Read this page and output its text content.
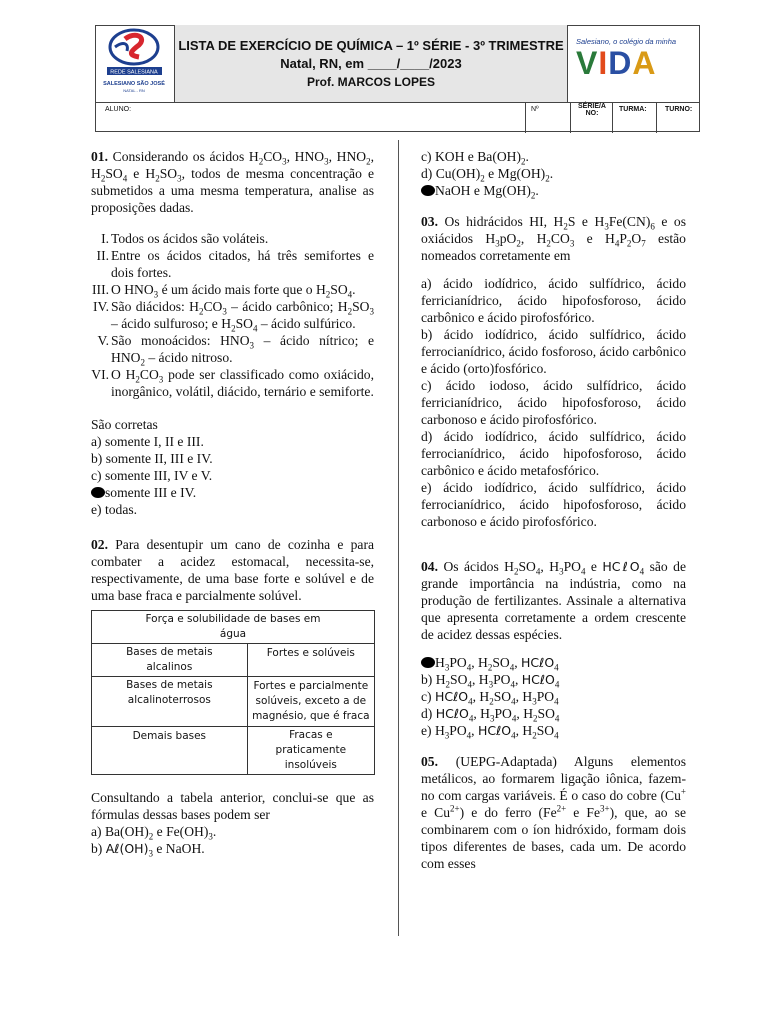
REDE SALESIANA
SALESIANO SÃO JOSÉ
NATAL - RN
LISTA DE EXERCÍCIO DE QUÍMICA – 1º SÉRIE - 3º TRIMESTRE
Natal, RN, em ____/____/2023
Prof. MARCOS LOPES
Salesiano, o colégio da minha
VIDA
ALUNO:	Nº	SÉRIE/A NO:
TURMA:	TURNO:

01. Considerando os ácidos $H_2CO_3$, $HNO_3$, $HNO_2$, $H_2SO_4$ e $H_2SO_3$, todos de mesma concentração e submetidos a uma mesma temperatura, analise as proposições dadas.

I. Todos os ácidos são voláteis.
II. Entre os ácidos citados, há três semifortes e dois fortes.
III. O $HNO_3$ é um ácido mais forte que o $H_2SO_4$.
IV. São diácidos: $H_2CO_3$ – ácido carbônico; $H_2SO_3$ – ácido sulfuroso; e $H_2SO_4$ – ácido sulfúrico.
V. São monoácidos: $HNO_3$ – ácido nítrico; e $HNO_2$ – ácido nitroso.
VI. O $H_2CO_3$ pode ser classificado como oxiácido, inorgânico, volátil, diácido, ternário e semiforte.

São corretas

a) somente I, II e III.

b) somente II, III e IV.

c) somente III, IV e V.

somente III e IV.

e) todas.

02. Para desentupir um cano de cozinha e para combater a acidez estomacal, necessita-se, respectivamente, de uma base forte e solúvel e de uma base fraca e parcialmente solúvel.

Força e solubilidade de bases em água	
Bases de metais alcalinos	Fortes e solúveis
Bases de metais alcalinoterrosos	Fortes e parcialmente solúveis, exceto a de magnésio, que é fraca
Demais bases	Fracas e praticamente insolúveis

Consultando a tabela anterior, conclui-se que as fórmulas dessas bases podem ser

a) $Ba(OH)_2$ e $Fe(OH)_3$.

b) $A\ell(OH)_3$ e NaOH.

c) KOH e $Ba(OH)_2$.

d) $Cu(OH)_2$ e $Mg(OH)_2$.

NaOH e $Mg(OH)_2$.

03. Os hidrácidos HI, $H_2S$ e $H_3Fe(CN)_6$ e os oxiácidos $H_3pO_2$, $H_2CO_3$ e $H_4P_2O_7$ estão nomeados corretamente em

a) ácido iodídrico, ácido sulfídrico, ácido ferricianídrico, ácido hipofosforoso, ácido carbônico e ácido pirofosfórico.

b) ácido iodídrico, ácido sulfídrico, ácido ferrocianídrico, ácido fosforoso, ácido carbônico e ácido (orto)fosfórico.

c) ácido iodoso, ácido sulfídrico, ácido ferricianídrico, ácido hipofosforoso, ácido carbonoso e ácido pirofosfórico.

d) ácido iodídrico, ácido sulfídrico, ácido ferrocianídrico, ácido hipofosforoso, ácido carbônico e ácido metafosfórico.

e) ácido iodídrico, ácido sulfídrico, ácido ferrocianídrico, ácido hipofosforoso, ácido carbonoso e ácido pirofosfórico.

04. Os ácidos $H_2SO_4$, $H_3PO_4$ e HCℓO$_4$ são de grande importância na indústria, como na produção de fertilizantes. Assinale a alternativa que apresenta corretamente a ordem crescente de acidez dessas espécies.

$H_3PO_4$, $H_2SO_4$, HCℓO$_4$

b) $H_2SO_4$, $H_3PO_4$, HCℓO$_4$

c) HCℓO$_4$, $H_2SO_4$, $H_3PO_4$

d) HCℓO$_4$, $H_3PO_4$, $H_2SO_4$

e) $H_3PO_4$, HCℓO$_4$, $H_2SO_4$

05. (UEPG-Adaptada) Alguns elementos metálicos, ao formarem ligação iônica, fazem-no com cargas variáveis. É o caso do cobre (Cu+ e $Cu^{2+}$) e do ferro ($Fe^{2+}$ e $Fe^{3+}$), que, ao se combinarem com o íon hidróxido, formam dois tipos diferentes de bases, cada um. De acordo com esses
